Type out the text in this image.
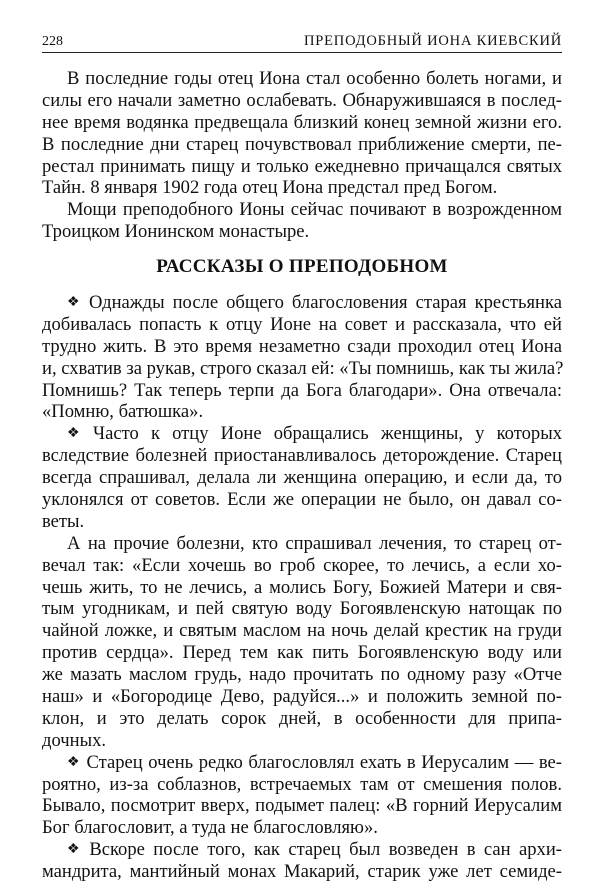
228	ПРЕПОДОБНЫЙ ИОНА КИЕВСКИЙ
В последние годы отец Иона стал особенно болеть ногами, и
силы его начали заметно ослабевать. Обнаружившаяся в послед-
нее время водянка предвещала близкий конец земной жизни его.
В последние дни старец почувствовал приближение смерти, пе-
рестал принимать пищу и только ежедневно причащался святых
Тайн. 8 января 1902 года отец Иона предстал пред Богом.
Мощи преподобного Ионы сейчас почивают в возрожденном
Троицком Ионинском монастыре.
РАССКАЗЫ О ПРЕПОДОБНОМ
❖ Однажды после общего благословения старая крестьянка
добивалась попасть к отцу Ионе на совет и рассказала, что ей
трудно жить. В это время незаметно сзади проходил отец Иона
и, схватив за рукав, строго сказал ей: «Ты помнишь, как ты жила?
Помнишь? Так теперь терпи да Бога благодари». Она отвечала:
«Помню, батюшка».
❖ Часто к отцу Ионе обращались женщины, у которых
вследствие болезней приостанавливалось деторождение. Старец
всегда спрашивал, делала ли женщина операцию, и если да, то
уклонялся от советов. Если же операции не было, он давал со-
веты.
А на прочие болезни, кто спрашивал лечения, то старец от-
вечал так: «Если хочешь во гроб скорее, то лечись, а если хо-
чешь жить, то не лечись, а молись Богу, Божией Матери и свя-
тым угодникам, и пей святую воду Богоявленскую натощак по
чайной ложке, и святым маслом на ночь делай крестик на груди
против сердца». Перед тем как пить Богоявленскую воду или
же мазать маслом грудь, надо прочитать по одному разу «Отче
наш» и «Богородице Дево, радуйся...» и положить земной по-
клон, и это делать сорок дней, в особенности для припа-
дочных.
❖ Старец очень редко благословлял ехать в Иерусалим — ве-
роятно, из-за соблазнов, встречаемых там от смешения полов.
Бывало, посмотрит вверх, подымет палец: «В горний Иерусалим
Бог благословит, а туда не благословляю».
❖ Вскоре после того, как старец был возведен в сан архи-
мандрита, мантийный монах Макарий, старик уже лет семиде-
